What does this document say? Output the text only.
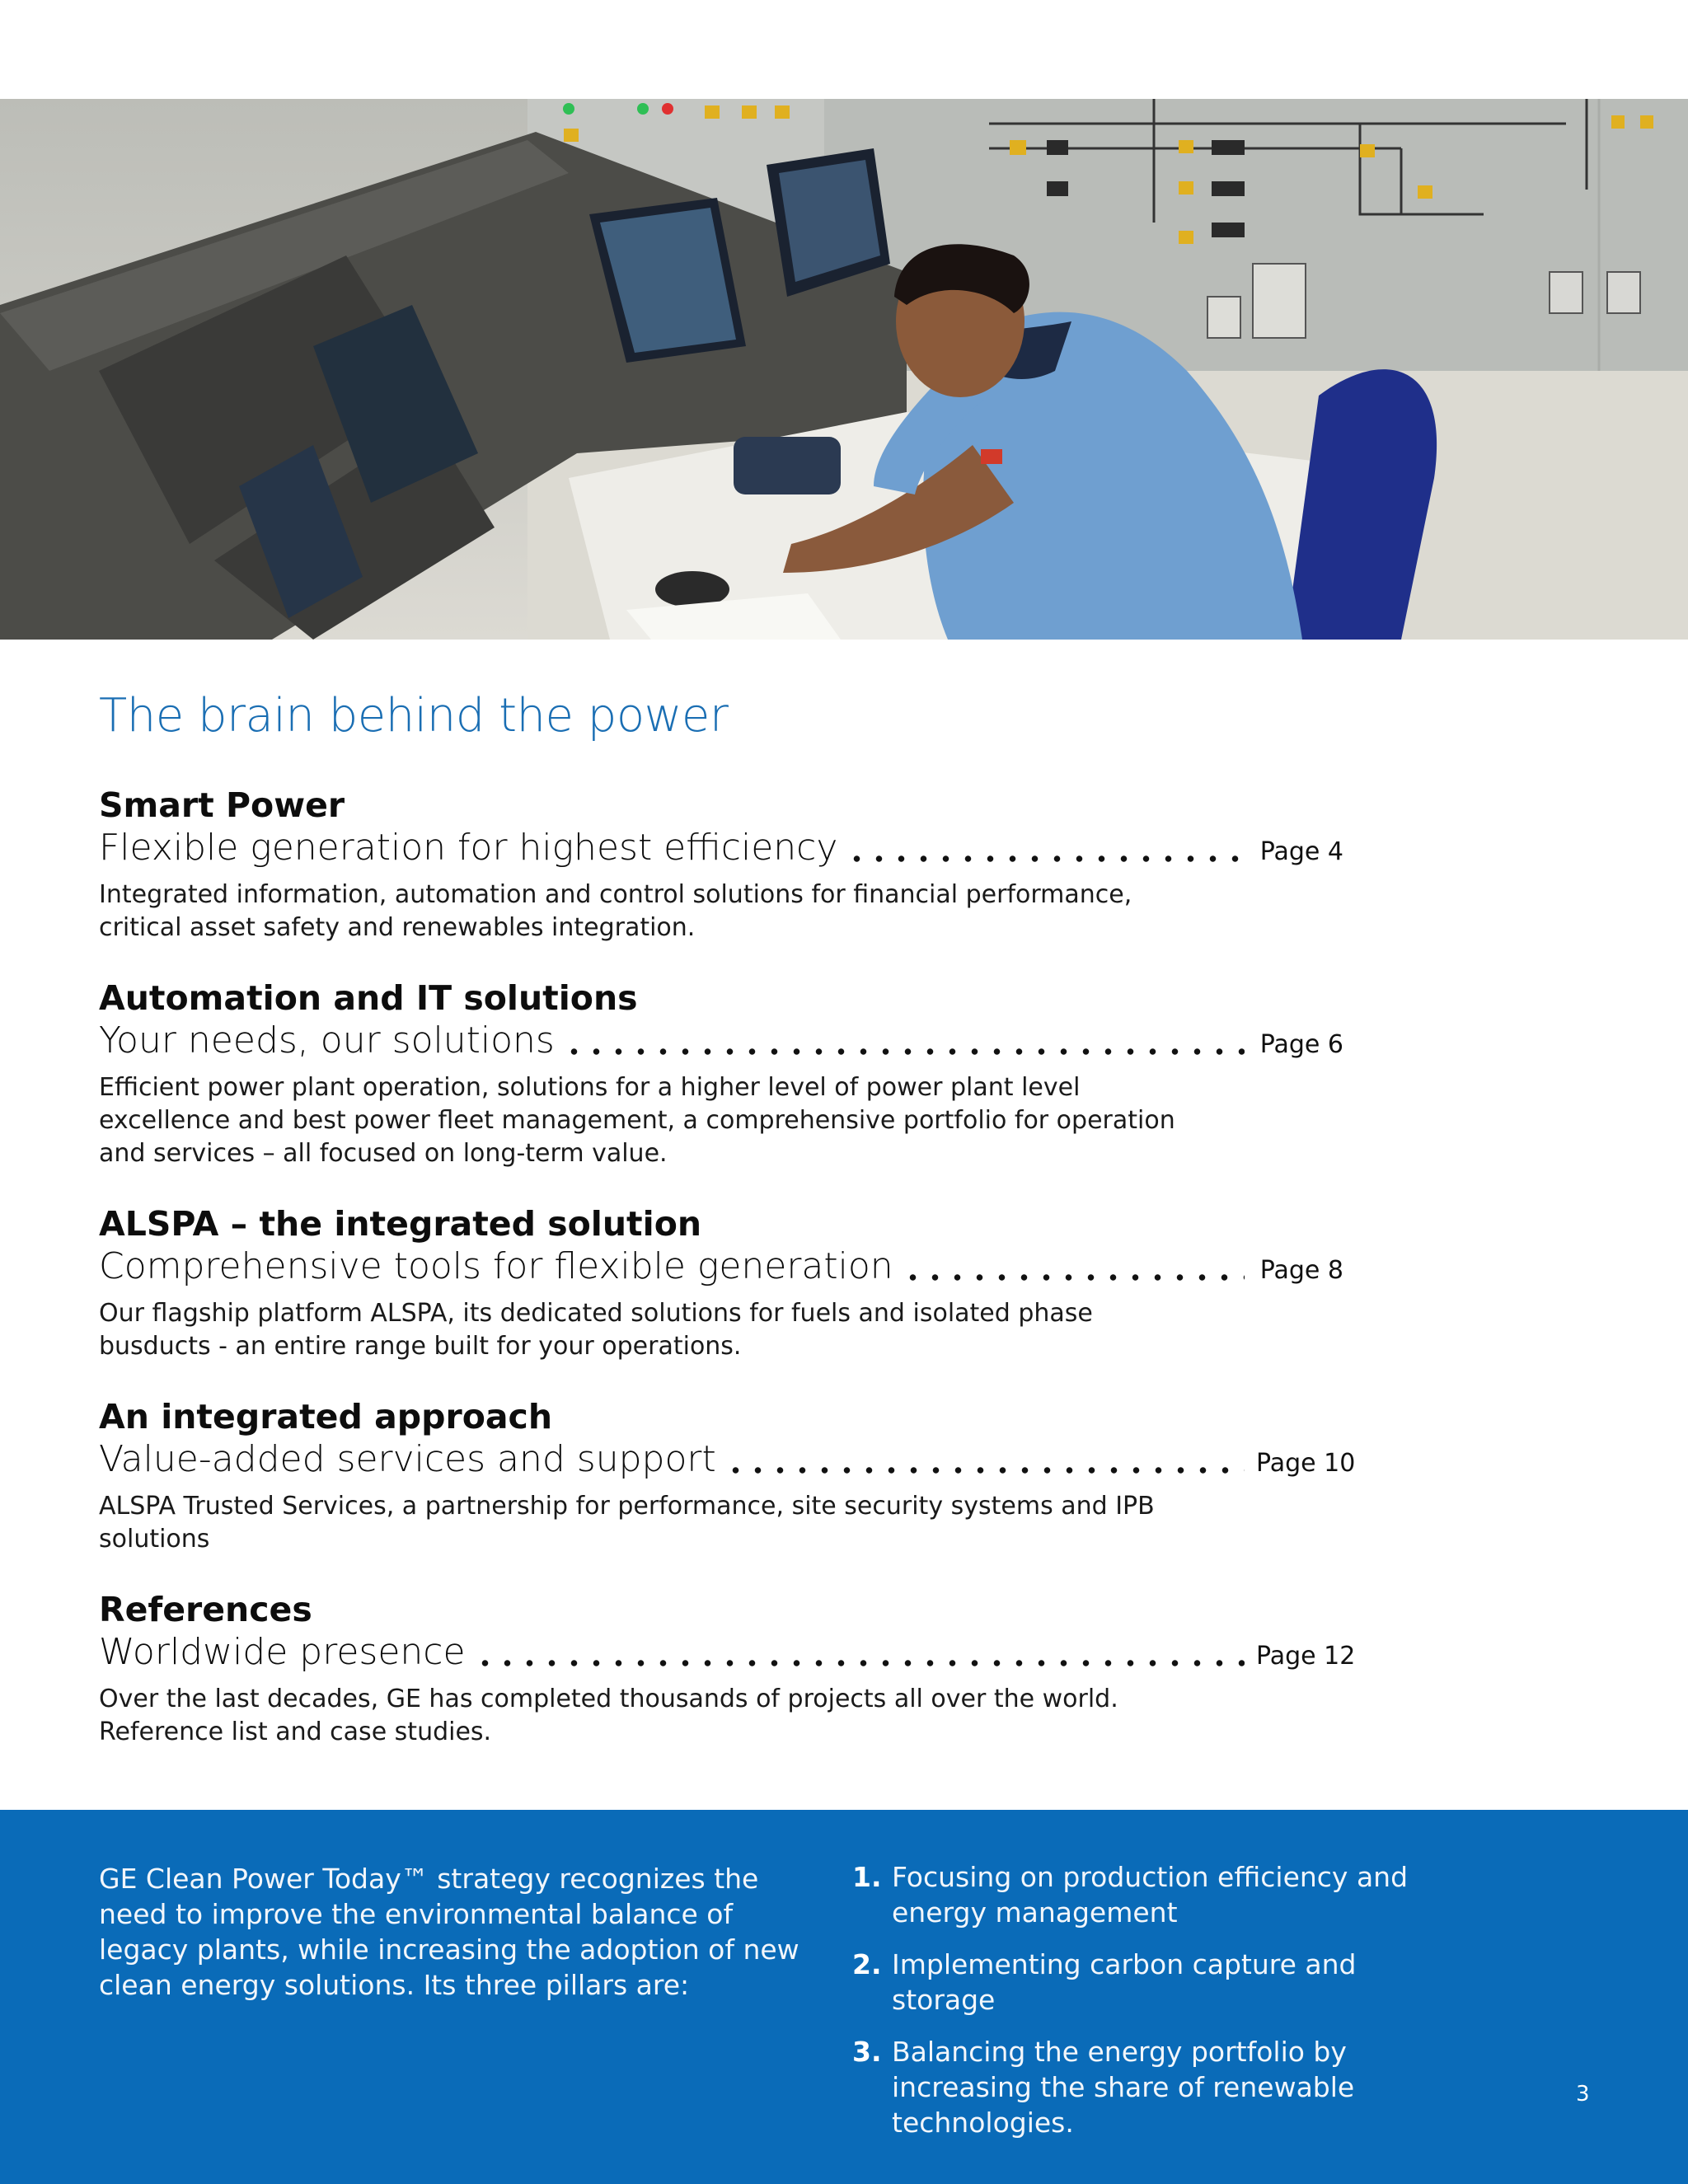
The brain behind the power
Smart Power
Flexible generation for highest efficiency	Page 4

Integrated information, automation and control solutions for financial performance, critical asset safety and renewables integration.

Automation and IT solutions
Your needs, our solutions	Page 6

Efficient power plant operation, solutions for a higher level of power plant level excellence and best power fleet management, a comprehensive portfolio for operation and services – all focused on long-term value.

ALSPA – the integrated solution
Comprehensive tools for flexible generation	Page 8

Our flagship platform ALSPA, its dedicated solutions for fuels and isolated phase busducts - an entire range built for your operations.

An integrated approach
Value-added services and support	Page 10

ALSPA Trusted Services, a partnership for performance, site security systems and IPB solutions

References
Worldwide presence	Page 12

Over the last decades, GE has completed thousands of projects all over the world. Reference list and case studies.

GE Clean Power Today™ strategy recognizes the need to improve the environmental balance of legacy plants, while increasing the adoption of new clean energy solutions. Its three pillars are:

1. Focusing on production efficiency and energy management
2. Implementing carbon capture and storage
3. Balancing the energy portfolio by increasing the share of renewable technologies.
3
